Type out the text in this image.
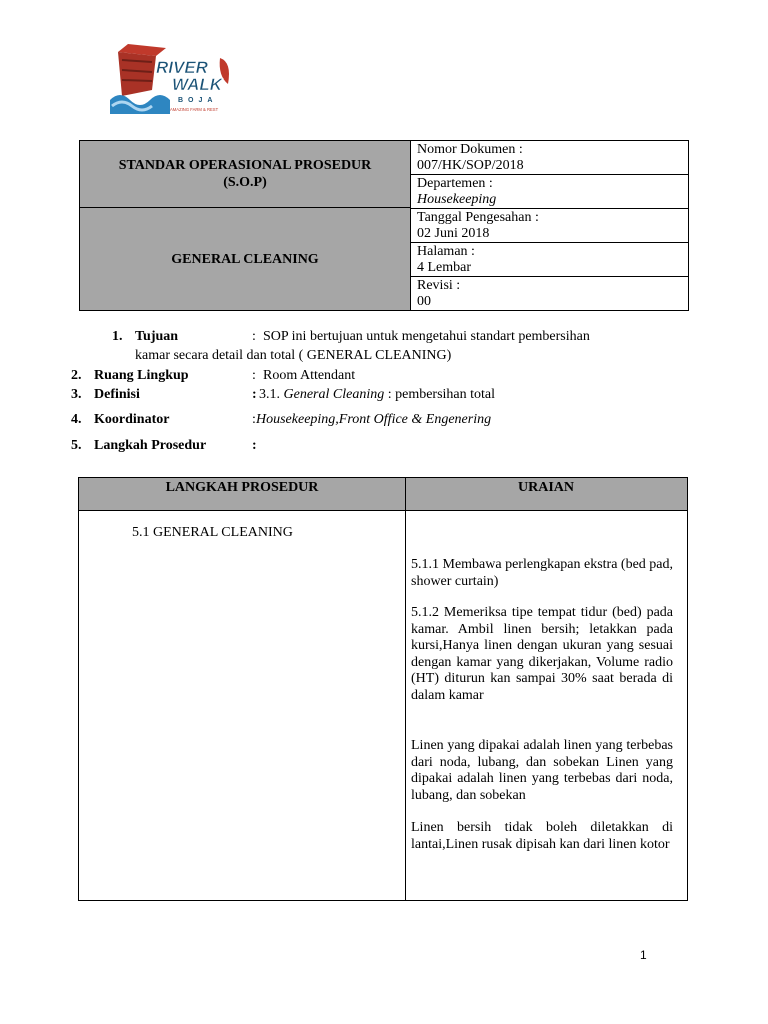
RIVER
WALK
BOJA
AMAZING FARM & REST
STANDAR OPERASIONAL PROSEDUR
(S.O.P)
GENERAL CLEANING
Nomor Dokumen :
007/HK/SOP/2018
Departemen :
Housekeeping
Tanggal Pengesahan :
02 Juni 2018
Halaman :
4 Lembar
Revisi :
00
1. Tujuan	: SOP ini bertujuan untuk mengetahui standart pembersihan
kamar secara detail dan total ( GENERAL CLEANING)
2. Ruang Lingkup	: Room Attendant
3. Definisi	: 3.1. General Cleaning : pembersihan total
4. Koordinator	: Housekeeping,Front Office & Engenering
5. Langkah Prosedur	:
LANGKAH PROSEDUR	URAIAN
5.1 GENERAL CLEANING
5.1.1 Membawa perlengkapan ekstra (bed pad, shower curtain)
5.1.2 Memeriksa tipe tempat tidur (bed) pada kamar. Ambil linen bersih; letakkan pada kursi,Hanya linen dengan ukuran yang sesuai dengan kamar yang dikerjakan, Volume radio (HT) diturun kan sampai 30% saat berada di dalam kamar
Linen yang dipakai adalah linen yang terbebas dari noda, lubang, dan sobekan Linen yang dipakai adalah linen yang terbebas dari noda, lubang, dan sobekan
Linen bersih tidak boleh diletakkan di lantai,Linen rusak dipisah kan dari linen kotor
1
